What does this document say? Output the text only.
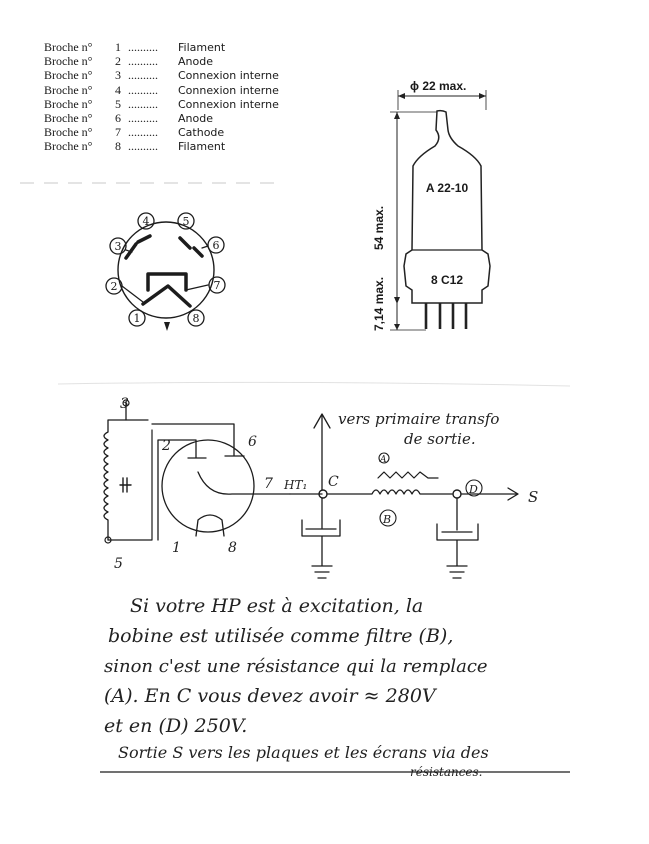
Broche n° 1 .......... Filament
Broche n° 2 .......... Anode
Broche n° 3 .......... Connexion interne
Broche n° 4 .......... Connexion interne
Broche n° 5 .......... Connexion interne
Broche n° 6 .......... Anode
Broche n° 7 .......... Cathode
Broche n° 8 .......... Filament
4	5
3	6
2	7
1	8
ϕ 22 max.
A 22-10
8 C12
54 max.
7,14 max.
3
5
2	6
7
1	8
HT₁ C
A
B
D	S
vers primaire transfo
de sortie.
Si votre HP est à excitation, la
bobine est utilisée comme filtre (B),
sinon c'est une résistance qui la remplace
(A). En C vous devez avoir ≈ 280V
et en (D) 250V.
Sortie S vers les plaques et les écrans via des
résistances.
